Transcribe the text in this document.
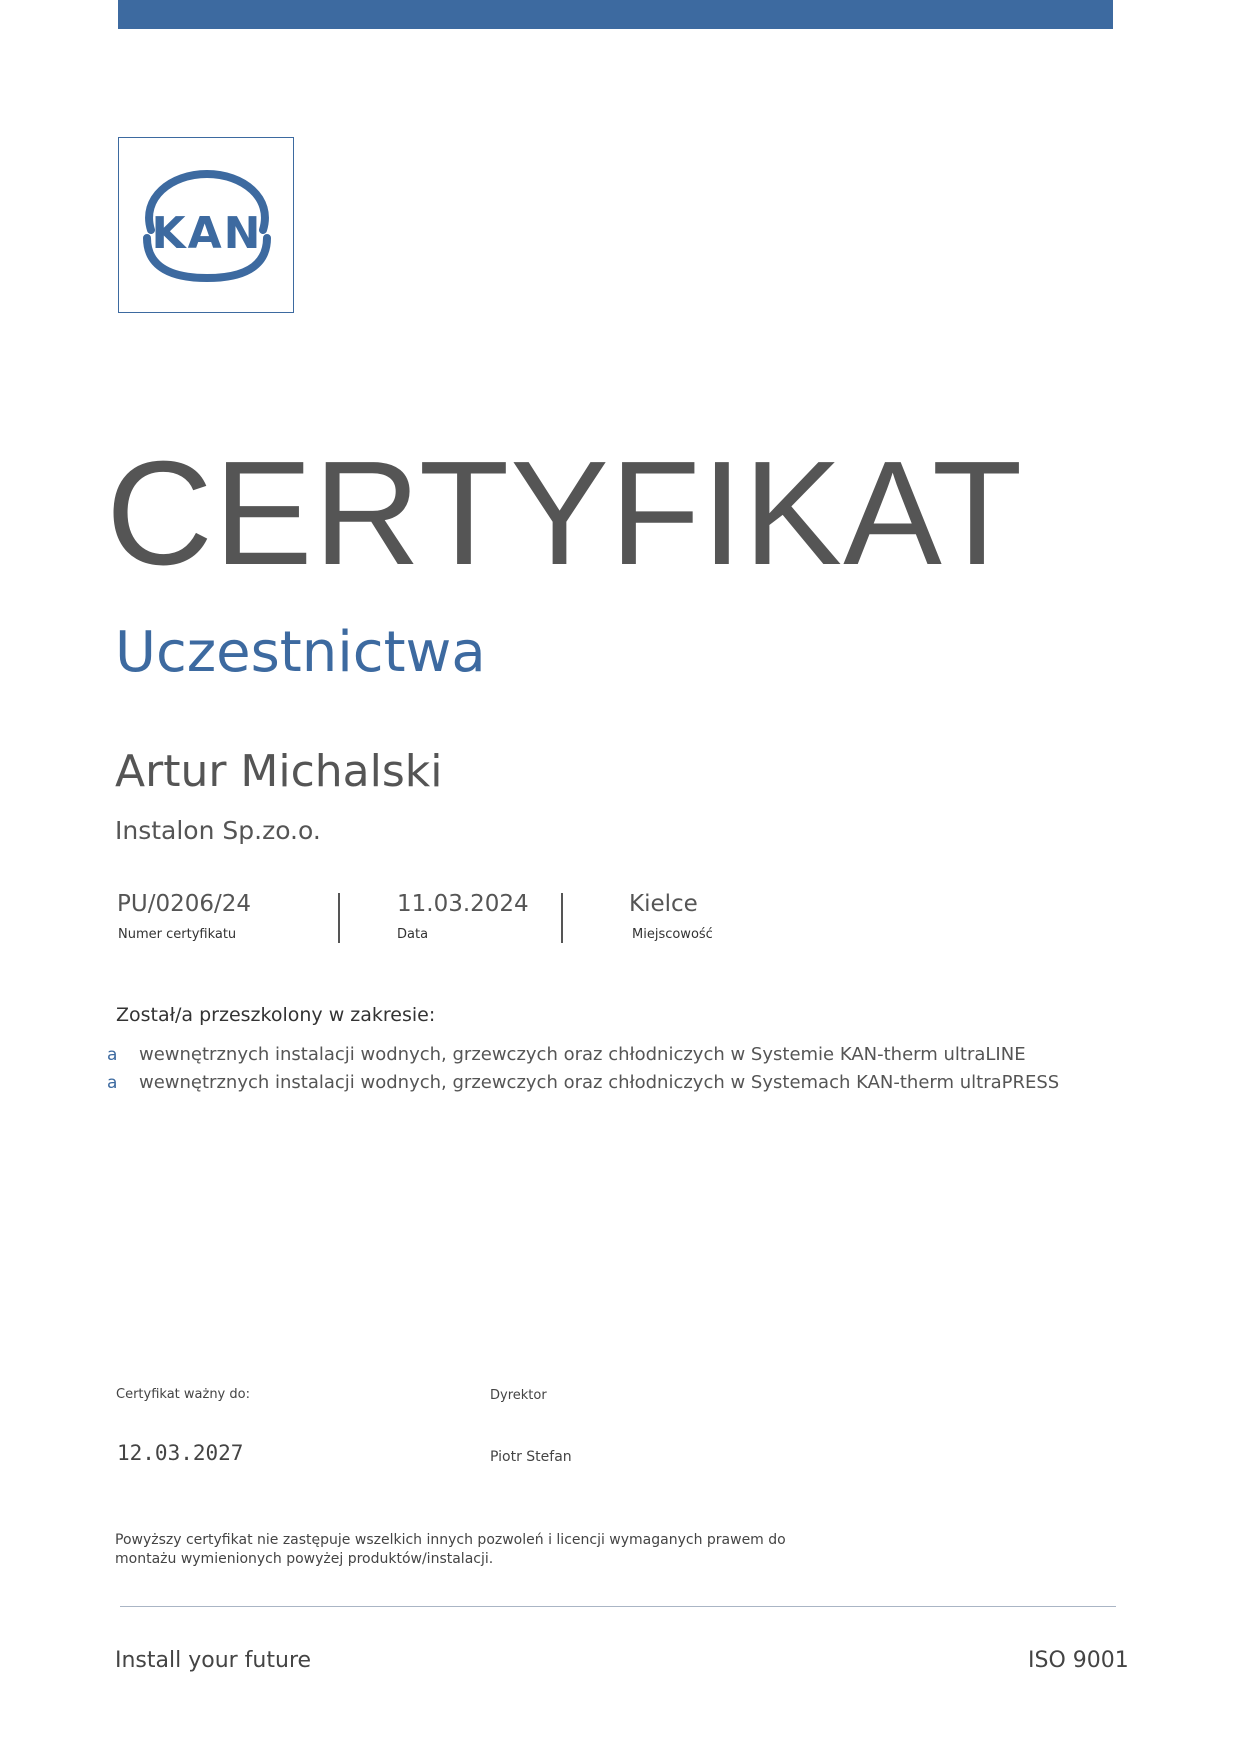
KAN
CERTYFIKAT
Uczestnictwa
Artur Michalski
Instalon Sp.zo.o.
PU/0206/24
Numer certyfikatu
11.03.2024
Data
Kielce
Miejscowość
Został/a przeszkolony w zakresie:
a wewnętrznych instalacji wodnych, grzewczych oraz chłodniczych w Systemie KAN-therm ultraLINE
a wewnętrznych instalacji wodnych, grzewczych oraz chłodniczych w Systemach KAN-therm ultraPRESS
Certyfikat ważny do:
12.03.2027
Dyrektor
Piotr Stefan
Powyższy certyfikat nie zastępuje wszelkich innych pozwoleń i licencji wymaganych prawem do montażu wymienionych powyżej produktów/instalacji.
Install your future	ISO 9001
